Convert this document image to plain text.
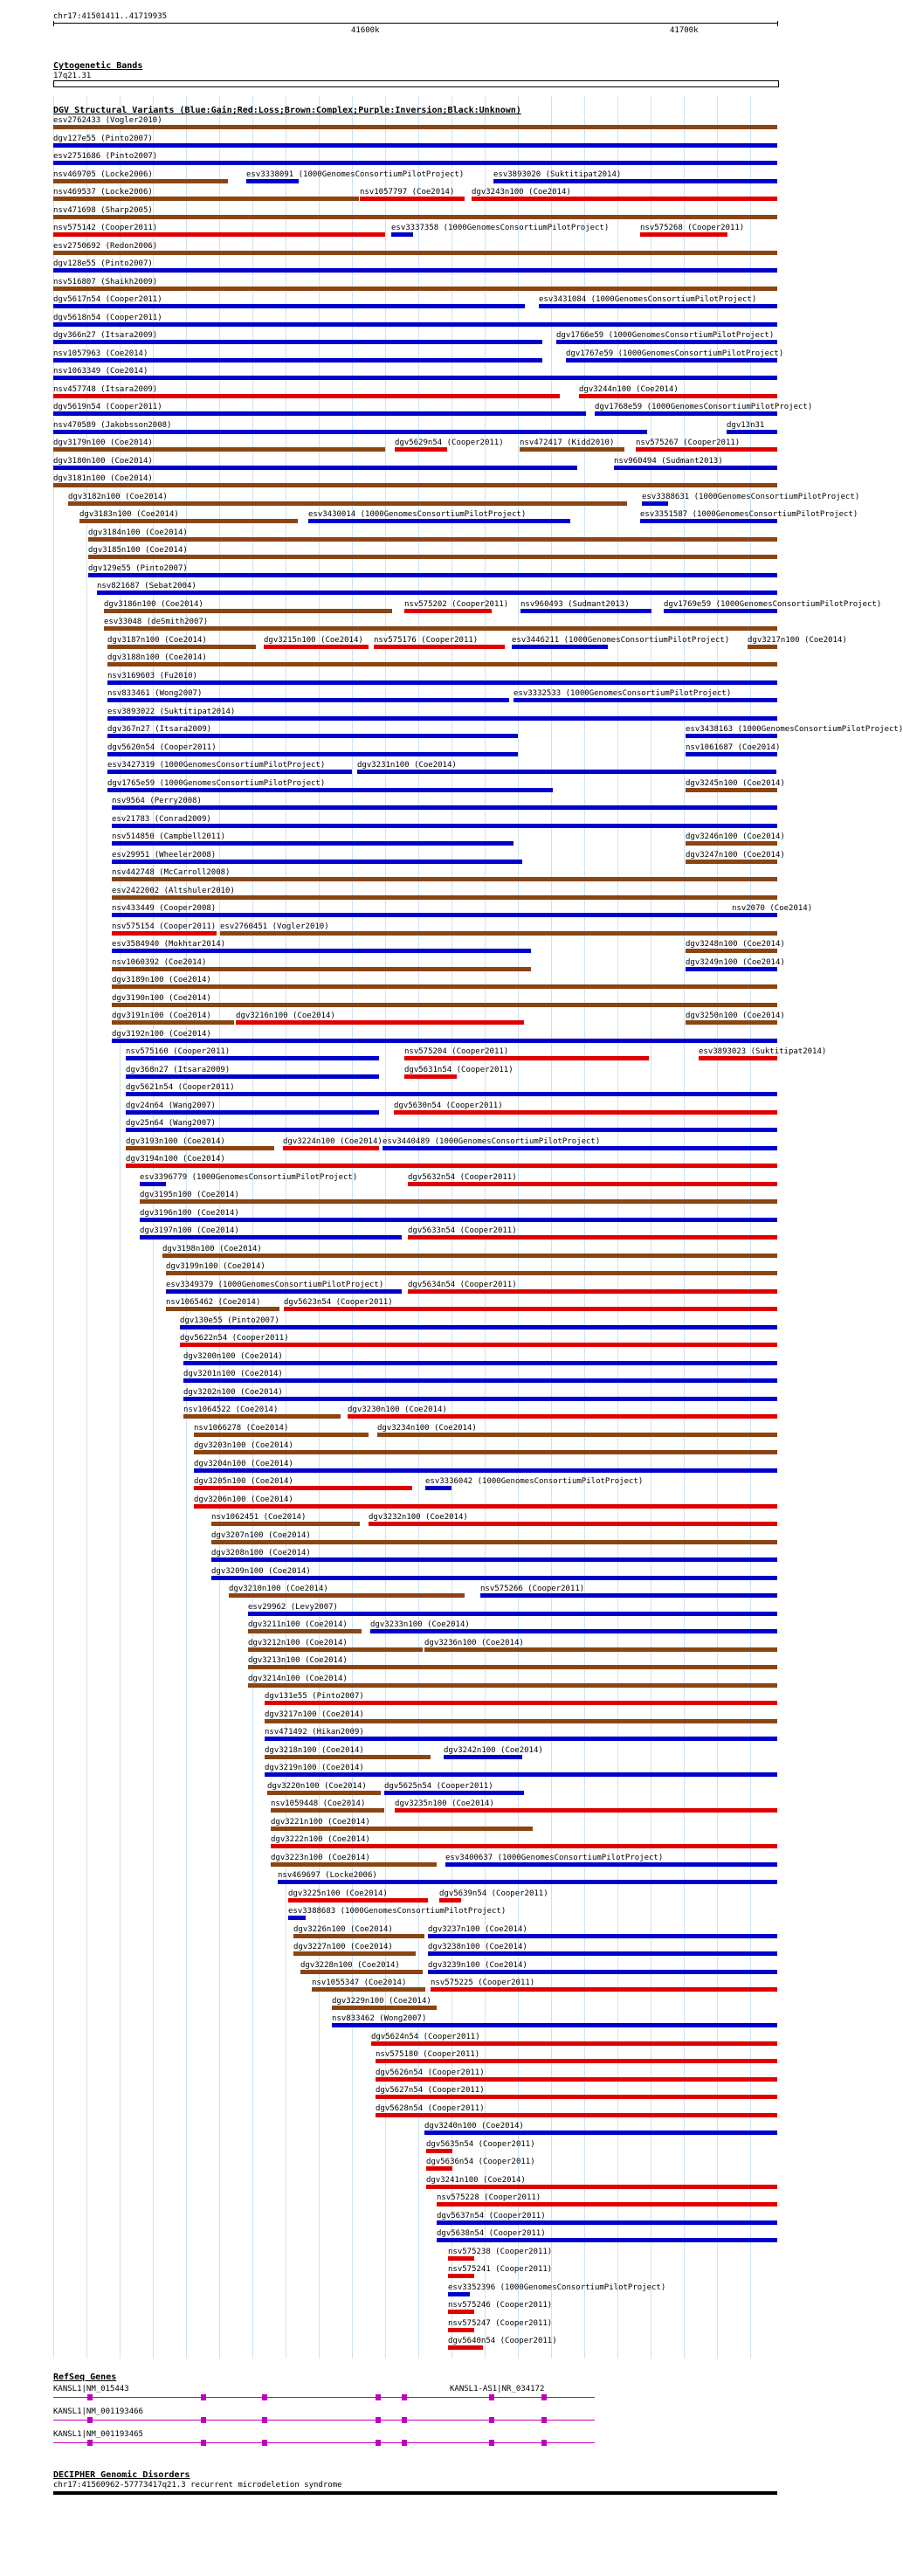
chr17:41501411..41719935
41600k	41700k
Cytogenetic Bands
17q21.31
DGV Structural Variants (Blue:Gain;Red:Loss;Brown:Complex;Purple:Inversion;Black:Unknown)
esv2762433 (Vogler2010)
dgv127e55 (Pinto2007)
esv2751686 (Pinto2007)
nsv469705 (Locke2006)	esv3338091 (1000GenomesConsortiumPilotProject)	esv3893020 (Suktitipat2014)
nsv469537 (Locke2006)	nsv1057797 (Coe2014) dgv3243n100 (Coe2014)
nsv471698 (Sharp2005)
nsv575142 (Cooper2011)	esv3337358 (1000GenomesConsortiumPilotProject)	nsv575268 (Cooper2011)
esv2750692 (Redon2006)
dgv128e55 (Pinto2007)
nsv516807 (Shaikh2009)
dgv5617n54 (Cooper2011)	esv3431084 (1000GenomesConsortiumPilotProject)
dgv5618n54 (Cooper2011)
dgv366n27 (Itsara2009)	dgv1766e59 (1000GenomesConsortiumPilotProject)
nsv1057963 (Coe2014)	dgv1767e59 (1000GenomesConsortiumPilotProject)
nsv1063349 (Coe2014)
nsv457748 (Itsara2009)	dgv3244n100 (Coe2014)
dgv5619n54 (Cooper2011)	dgv1768e59 (1000GenomesConsortiumPilotProject)
nsv470589 (Jakobsson2008)	dgv13n31
dgv3179n100 (Coe2014)	dgv5629n54 (Cooper2011) nsv472417 (Kidd2010)	nsv575267 (Cooper2011)
dgv3180n100 (Coe2014)	nsv960494 (Sudmant2013)
dgv3181n100 (Coe2014)
dgv3182n100 (Coe2014)	esv3388631 (1000GenomesConsortiumPilotProject)
dgv3183n100 (Coe2014)	esv3430014 (1000GenomesConsortiumPilotProject)	esv3351587 (1000GenomesConsortiumPilotProject)
dgv3184n100 (Coe2014)
dgv3185n100 (Coe2014)
dgv129e55 (Pinto2007)
nsv821687 (Sebat2004)
dgv3186n100 (Coe2014)	nsv575202 (Cooper2011) nsv960493 (Sudmant2013)	dgv1769e59 (1000GenomesConsortiumPilotProject)
esv33048 (deSmith2007)
dgv3187n100 (Coe2014)	dgv3215n100 (Coe2014) nsv575176 (Cooper2011)	esv3446211 (1000GenomesConsortiumPilotProject) dgv3217n100 (Coe2014)
dgv3188n100 (Coe2014)
nsv3169603 (Fu2010)
nsv833461 (Wong2007)	esv3332533 (1000GenomesConsortiumPilotProject)
esv3893022 (Suktitipat2014)
dgv367n27 (Itsara2009)	esv3438163 (1000GenomesConsortiumPilotProject)
dgv5620n54 (Cooper2011)	nsv1061687 (Coe2014)
esv3427319 (1000GenomesConsortiumPilotProject)	dgv3231n100 (Coe2014)
dgv1765e59 (1000GenomesConsortiumPilotProject)	dgv3245n100 (Coe2014)
nsv9564 (Perry2008)
esv21783 (Conrad2009)
nsv514850 (Campbell2011)	dgv3246n100 (Coe2014)
esv29951 (Wheeler2008)	dgv3247n100 (Coe2014)
nsv442748 (McCarroll2008)
esv2422002 (Altshuler2010)
nsv433449 (Cooper2008)	nsv2070 (Coe2014)
nsv575154 (Cooper2011) esv2760451 (Vogler2010)
esv3584940 (Mokhtar2014)	dgv3248n100 (Coe2014)
nsv1060392 (Coe2014)	dgv3249n100 (Coe2014)
dgv3189n100 (Coe2014)
dgv3190n100 (Coe2014)
dgv3191n100 (Coe2014)	dgv3216n100 (Coe2014)	dgv3250n100 (Coe2014)
dgv3192n100 (Coe2014)
nsv575160 (Cooper2011)	nsv575204 (Cooper2011)	esv3893023 (Suktitipat2014)
dgv368n27 (Itsara2009)	dgv5631n54 (Cooper2011)
dgv5621n54 (Cooper2011)
dgv24n64 (Wang2007)	dgv5630n54 (Cooper2011)
dgv25n64 (Wang2007)
dgv3193n100 (Coe2014)	dgv3224n100 (Coe2014) esv3440489 (1000GenomesConsortiumPilotProject)
dgv3194n100 (Coe2014)
esv3396779 (1000GenomesConsortiumPilotProject)	dgv5632n54 (Cooper2011)
dgv3195n100 (Coe2014)
dgv3196n100 (Coe2014)
dgv3197n100 (Coe2014)	dgv5633n54 (Cooper2011)
dgv3198n100 (Coe2014)
dgv3199n100 (Coe2014)
esv3349379 (1000GenomesConsortiumPilotProject)	dgv5634n54 (Cooper2011)
nsv1065462 (Coe2014)	dgv5623n54 (Cooper2011)
dgv130e55 (Pinto2007)
dgv5622n54 (Cooper2011)
dgv3200n100 (Coe2014)
dgv3201n100 (Coe2014)
dgv3202n100 (Coe2014)
nsv1064522 (Coe2014)	dgv3230n100 (Coe2014)
nsv1066278 (Coe2014)	dgv3234n100 (Coe2014)
dgv3203n100 (Coe2014)
dgv3204n100 (Coe2014)
dgv3205n100 (Coe2014)	esv3336042 (1000GenomesConsortiumPilotProject)
dgv3206n100 (Coe2014)
nsv1062451 (Coe2014)	dgv3232n100 (Coe2014)
dgv3207n100 (Coe2014)
dgv3208n100 (Coe2014)
dgv3209n100 (Coe2014)
dgv3210n100 (Coe2014)	nsv575266 (Cooper2011)
esv29962 (Levy2007)
dgv3211n100 (Coe2014)	dgv3233n100 (Coe2014)
dgv3212n100 (Coe2014)	dgv3236n100 (Coe2014)
dgv3213n100 (Coe2014)
dgv3214n100 (Coe2014)
dgv131e55 (Pinto2007)
dgv3217n100 (Coe2014)
nsv471492 (Hikan2009)
dgv3218n100 (Coe2014)	dgv3242n100 (Coe2014)
dgv3219n100 (Coe2014)
dgv3220n100 (Coe2014) dgv5625n54 (Cooper2011)
nsv1059448 (Coe2014)	dgv3235n100 (Coe2014)
dgv3221n100 (Coe2014)
dgv3222n100 (Coe2014)
dgv3223n100 (Coe2014)	esv3400637 (1000GenomesConsortiumPilotProject)
nsv469697 (Locke2006)
dgv3225n100 (Coe2014)	dgv5639n54 (Cooper2011)
esv3388683 (1000GenomesConsortiumPilotProject)
dgv3226n100 (Coe2014)	dgv3237n100 (Coe2014)
dgv3227n100 (Coe2014)	dgv3238n100 (Coe2014)
dgv3228n100 (Coe2014)	dgv3239n100 (Coe2014)
nsv1055347 (Coe2014)	nsv575225 (Cooper2011)
dgv3229n100 (Coe2014)
nsv833462 (Wong2007)
dgv5624n54 (Cooper2011)
nsv575180 (Cooper2011)
dgv5626n54 (Cooper2011)
dgv5627n54 (Cooper2011)
dgv5628n54 (Cooper2011)
dgv3240n100 (Coe2014)
dgv5635n54 (Cooper2011)
dgv5636n54 (Cooper2011)
dgv3241n100 (Coe2014)
nsv575228 (Cooper2011)
dgv5637n54 (Cooper2011)
dgv5638n54 (Cooper2011)
nsv575238 (Cooper2011)
nsv575241 (Cooper2011)
esv3352396 (1000GenomesConsortiumPilotProject)
nsv575246 (Cooper2011)
nsv575247 (Cooper2011)
dgv5640n54 (Cooper2011)
RefSeq Genes
KANSL1|NM_015443	KANSL1-AS1|NR_034172
KANSL1|NM_001193466
KANSL1|NM_001193465
DECIPHER Genomic Disorders
chr17:41560962-57773417q21.3 recurrent microdeletion syndrome
